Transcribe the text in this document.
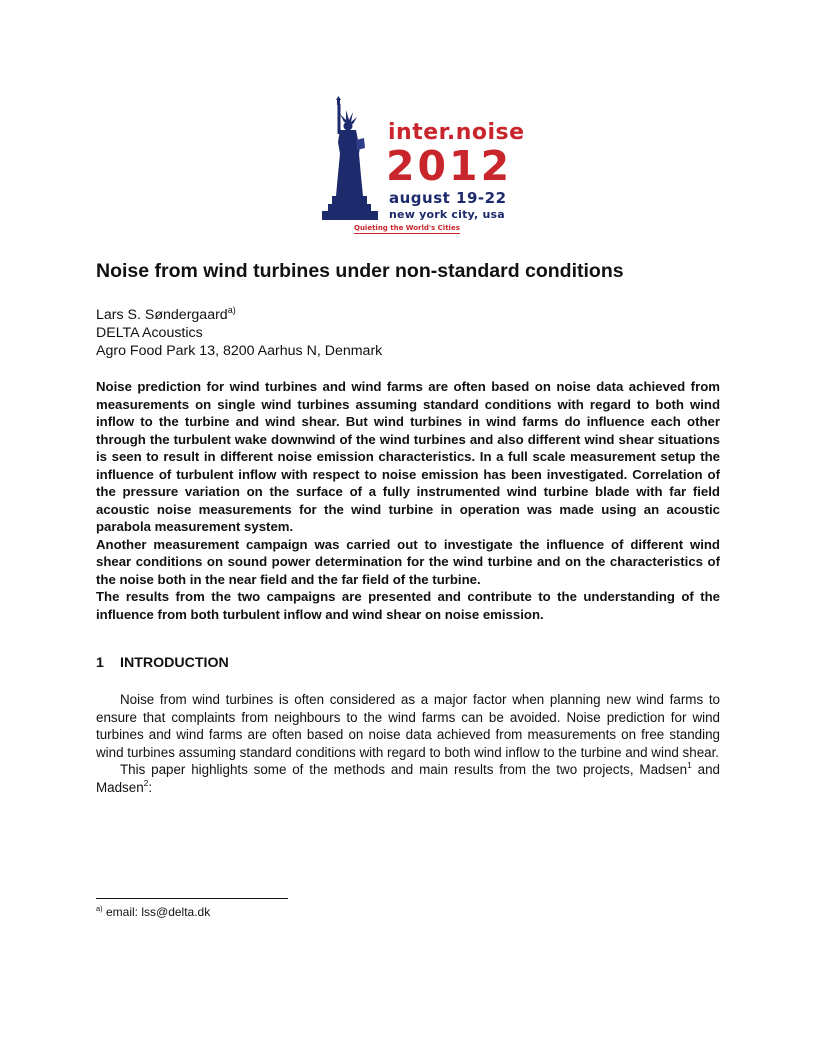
inter.noise
2012
august 19-22
new york city, usa
Quieting the World's Cities
Noise from wind turbines under non-standard conditions
Lars S. Søndergaard$^{a)}$
DELTA Acoustics
Agro Food Park 13, 8200 Aarhus N, Denmark

Noise prediction for wind turbines and wind farms are often based on noise data achieved from measurements on single wind turbines assuming standard conditions with regard to both wind inflow to the turbine and wind shear. But wind turbines in wind farms do influence each other through the turbulent wake downwind of the wind turbines and also different wind shear situations is seen to result in different noise emission characteristics. In a full scale measurement setup the influence of turbulent inflow with respect to noise emission has been investigated. Correlation of the pressure variation on the surface of a fully instrumented wind turbine blade with far field acoustic noise measurements for the wind turbine in operation was made using an acoustic parabola measurement system.

Another measurement campaign was carried out to investigate the influence of different wind shear conditions on sound power determination for the wind turbine and on the characteristics of the noise both in the near field and the far field of the turbine.

The results from the two campaigns are presented and contribute to the understanding of the influence from both turbulent inflow and wind shear on noise emission.

1 INTRODUCTION

Noise from wind turbines is often considered as a major factor when planning new wind farms to ensure that complaints from neighbours to the wind farms can be avoided. Noise prediction for wind turbines and wind farms are often based on noise data achieved from measurements on free standing wind turbines assuming standard conditions with regard to both wind inflow to the turbine and wind shear.

This paper highlights some of the methods and main results from the two projects, Madsen$^1$ and Madsen$^2$:

$^{a)}$ email: lss@delta.dk
